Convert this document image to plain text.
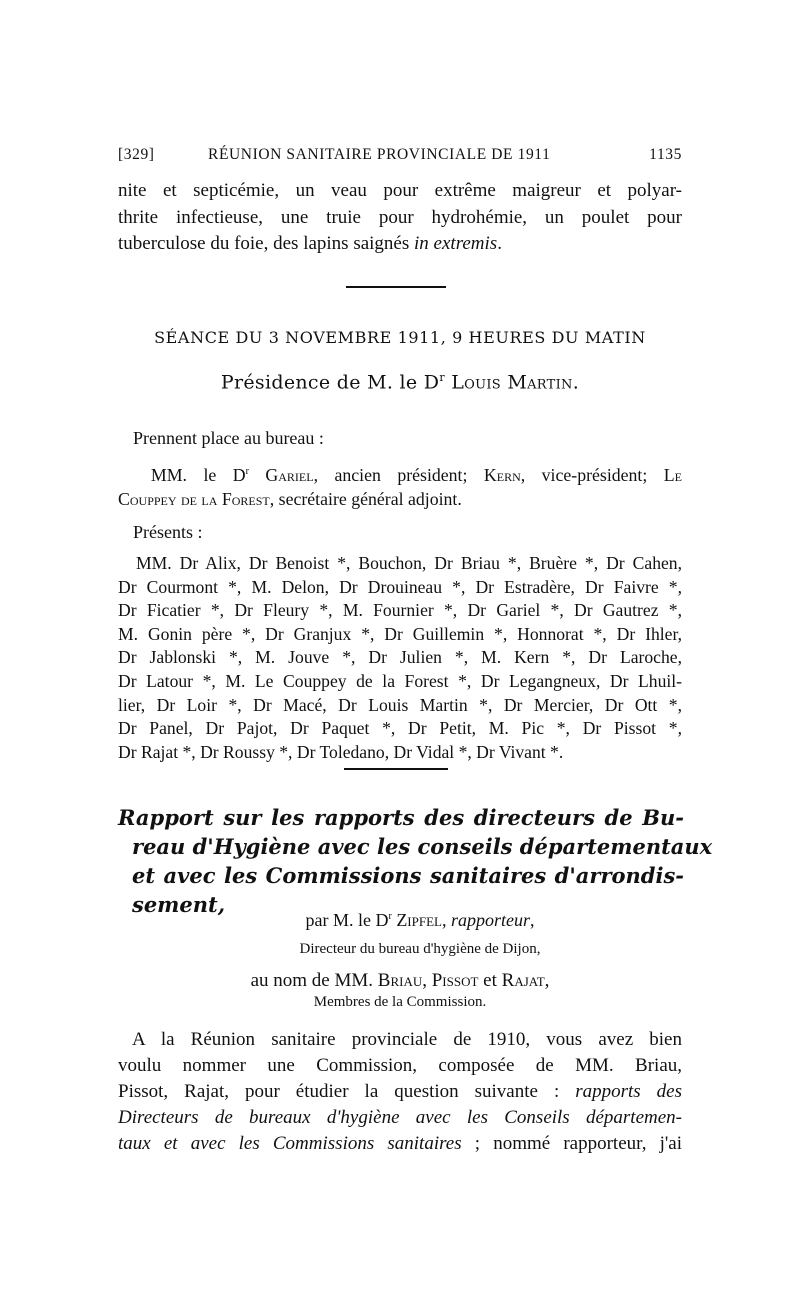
[329]	RÉUNION SANITAIRE PROVINCIALE DE 1911	1135
nite et septicémie, un veau pour extrême maigreur et polyar-
thrite infectieuse, une truie pour hydrohémie, un poulet pour
tuberculose du foie, des lapins saignés in extremis.
SÉANCE DU 3 NOVEMBRE 1911, 9 HEURES DU MATIN
Présidence de M. le $D^r$ Louis Martin.
Prennent place au bureau :
MM. le $D^r$ Gariel, ancien président; Kern, vice-président; Le
Couppey de la Forest, secrétaire général adjoint.
Présents :
MM. Dr Alix, Dr Benoist *, Bouchon, Dr Briau *, Bruère *, Dr Cahen,
Dr Courmont *, M. Delon, Dr Drouineau *, Dr Estradère, Dr Faivre *,
Dr Ficatier *, Dr Fleury *, M. Fournier *, Dr Gariel *, Dr Gautrez *,
M. Gonin père *, Dr Granjux *, Dr Guillemin *, Honnorat *, Dr Ihler,
Dr Jablonski *, M. Jouve *, Dr Julien *, M. Kern *, Dr Laroche,
Dr Latour *, M. Le Couppey de la Forest *, Dr Legangneux, Dr Lhuil-
lier, Dr Loir *, Dr Macé, Dr Louis Martin *, Dr Mercier, Dr Ott *,
Dr Panel, Dr Pajot, Dr Paquet *, Dr Petit, M. Pic *, Dr Pissot *,
Dr Rajat *, Dr Roussy *, Dr Toledano, Dr Vidal *, Dr Vivant *.
Rapport sur les rapports des directeurs de Bu-
reau d'Hygiène avec les conseils départementaux
et avec les Commissions sanitaires d'arrondis-
sement,
par M. le $D^r$ Zipfel, rapporteur,
Directeur du bureau d'hygiène de Dijon,
au nom de MM. Briau, Pissot et Rajat,
Membres de la Commission.
A la Réunion sanitaire provinciale de 1910, vous avez bien
voulu nommer une Commission, composée de MM. Briau,
Pissot, Rajat, pour étudier la question suivante : rapports des
Directeurs de bureaux d'hygiène avec les Conseils départemen-
taux et avec les Commissions sanitaires ; nommé rapporteur, j'ai
